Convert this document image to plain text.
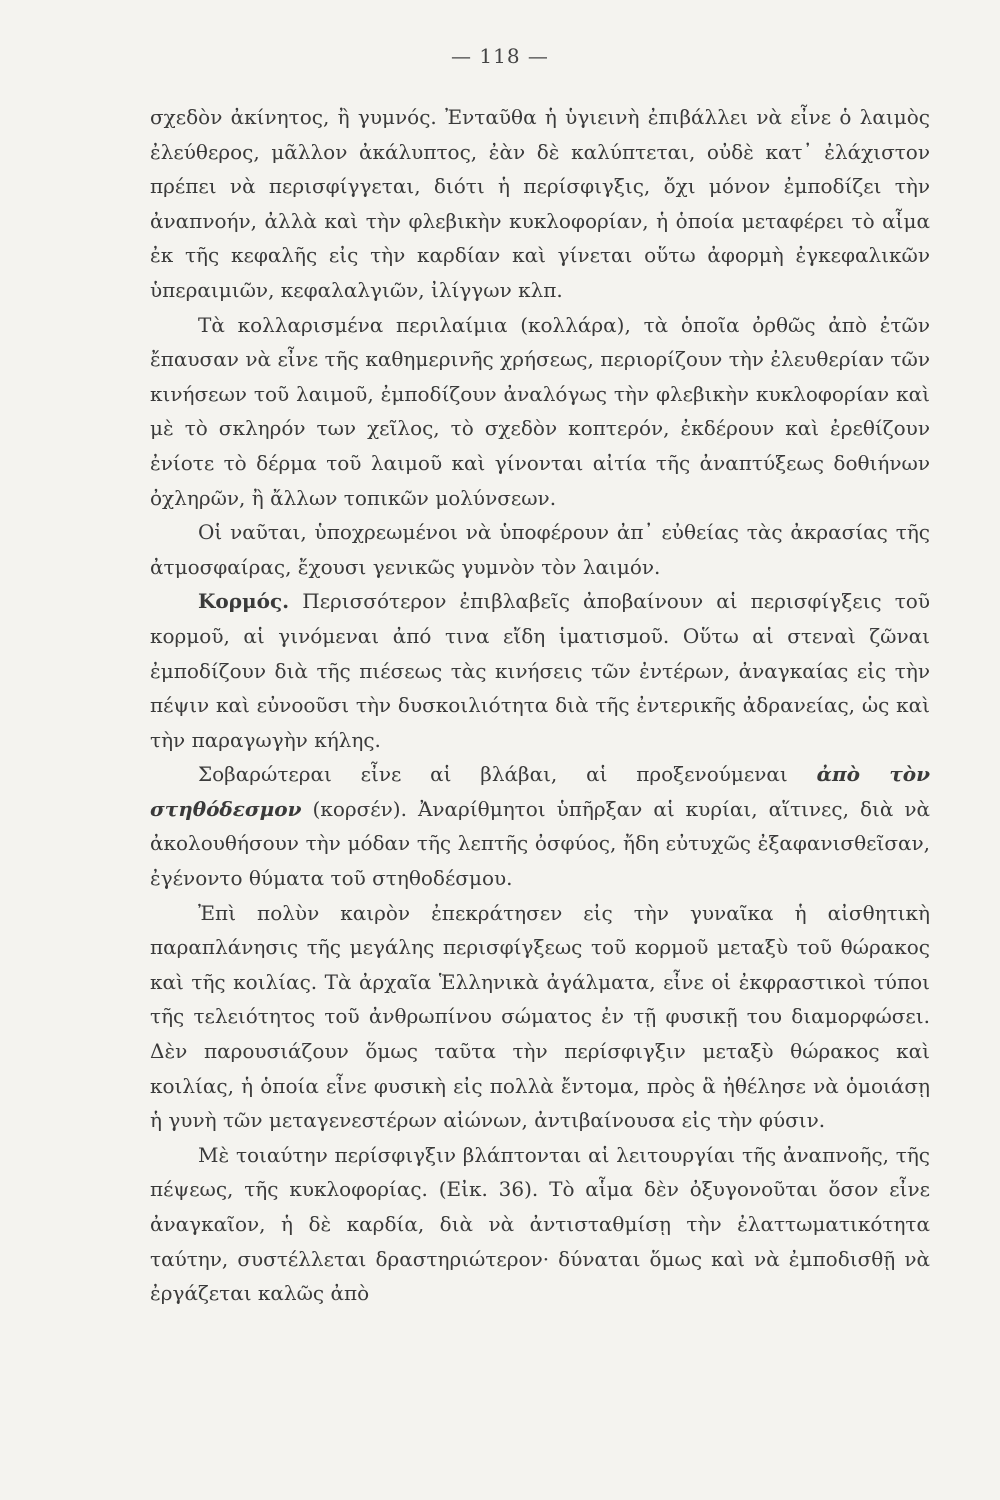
— 118 —

σχεδὸν ἀκίνητος, ἢ γυμνός. Ἐνταῦθα ἡ ὑγιεινὴ ἐπιβάλλει νὰ εἶνε ὁ λαιμὸς ἐλεύθερος, μᾶλλον ἀκάλυπτος, ἐὰν δὲ καλύπτεται, οὐδὲ κατ᾽ ἐλάχιστον πρέπει νὰ περισφίγγεται, διότι ἡ περίσφιγξις, ὄχι μόνον ἐμποδίζει τὴν ἀναπνοήν, ἀλλὰ καὶ τὴν φλεβικὴν κυκλοφορίαν, ἡ ὁποία μεταφέρει τὸ αἷμα ἐκ τῆς κεφαλῆς εἰς τὴν καρδίαν καὶ γίνεται οὕτω ἀφορμὴ ἐγκεφαλικῶν ὑπεραιμιῶν, κεφαλαλγιῶν, ἰλίγγων κλπ.

Τὰ κολλαρισμένα περιλαίμια (κολλάρα), τὰ ὁποῖα ὀρθῶς ἀπὸ ἐτῶν ἔπαυσαν νὰ εἶνε τῆς καθημερινῆς χρήσεως, περιορίζουν τὴν ἐλευθερίαν τῶν κινήσεων τοῦ λαιμοῦ, ἐμποδίζουν ἀναλόγως τὴν φλεβικὴν κυκλοφορίαν καὶ μὲ τὸ σκληρόν των χεῖλος, τὸ σχεδὸν κοπτερόν, ἐκδέρουν καὶ ἐρεθίζουν ἐνίοτε τὸ δέρμα τοῦ λαιμοῦ καὶ γίνονται αἰτία τῆς ἀναπτύξεως δοθιήνων ὀχληρῶν, ἢ ἄλλων τοπικῶν μολύνσεων.

Οἱ ναῦται, ὑποχρεωμένοι νὰ ὑποφέρουν ἀπ᾽ εὐθείας τὰς ἀκρασίας τῆς ἀτμοσφαίρας, ἔχουσι γενικῶς γυμνὸν τὸν λαιμόν.

Κορμός. Περισσότερον ἐπιβλαβεῖς ἀποβαίνουν αἱ περισφίγξεις τοῦ κορμοῦ, αἱ γινόμεναι ἀπό τινα εἴδη ἱματισμοῦ. Οὕτω αἱ στεναὶ ζῶναι ἐμποδίζουν διὰ τῆς πιέσεως τὰς κινήσεις τῶν ἐντέρων, ἀναγκαίας εἰς τὴν πέψιν καὶ εὐνοοῦσι τὴν δυσκοιλιότητα διὰ τῆς ἐντερικῆς ἀδρανείας, ὡς καὶ τὴν παραγωγὴν κήλης.

Σοβαρώτεραι εἶνε αἱ βλάβαι, αἱ προξενούμεναι ἀπὸ τὸν στηθόδεσμον (κορσέν). Ἀναρίθμητοι ὑπῆρξαν αἱ κυρίαι, αἵτινες, διὰ νὰ ἀκολουθήσουν τὴν μόδαν τῆς λεπτῆς ὀσφύος, ἤδη εὐτυχῶς ἐξαφανισθεῖσαν, ἐγένοντο θύματα τοῦ στηθοδέσμου.

Ἐπὶ πολὺν καιρὸν ἐπεκράτησεν εἰς τὴν γυναῖκα ἡ αἰσθητικὴ παραπλάνησις τῆς μεγάλης περισφίγξεως τοῦ κορμοῦ μεταξὺ τοῦ θώρακος καὶ τῆς κοιλίας. Τὰ ἀρχαῖα Ἑλληνικὰ ἀγάλματα, εἶνε οἱ ἐκφραστικοὶ τύποι τῆς τελειότητος τοῦ ἀνθρωπίνου σώματος ἐν τῇ φυσικῇ του διαμορφώσει. Δὲν παρουσιάζουν ὅμως ταῦτα τὴν περίσφιγξιν μεταξὺ θώρακος καὶ κοιλίας, ἡ ὁποία εἶνε φυσικὴ εἰς πολλὰ ἔντομα, πρὸς ἃ ἠθέλησε νὰ ὁμοιάσῃ ἡ γυνὴ τῶν μεταγενεστέρων αἰώνων, ἀντιβαίνουσα εἰς τὴν φύσιν.

Μὲ τοιαύτην περίσφιγξιν βλάπτονται αἱ λειτουργίαι τῆς ἀναπνοῆς, τῆς πέψεως, τῆς κυκλοφορίας. (Εἰκ. 36). Τὸ αἷμα δὲν ὀξυγονοῦται ὅσον εἶνε ἀναγκαῖον, ἡ δὲ καρδία, διὰ νὰ ἀντισταθμίσῃ τὴν ἐλαττωματικότητα ταύτην, συστέλλεται δραστηριώτερον· δύναται ὅμως καὶ νὰ ἐμποδισθῇ νὰ ἐργάζεται καλῶς ἀπὸ
